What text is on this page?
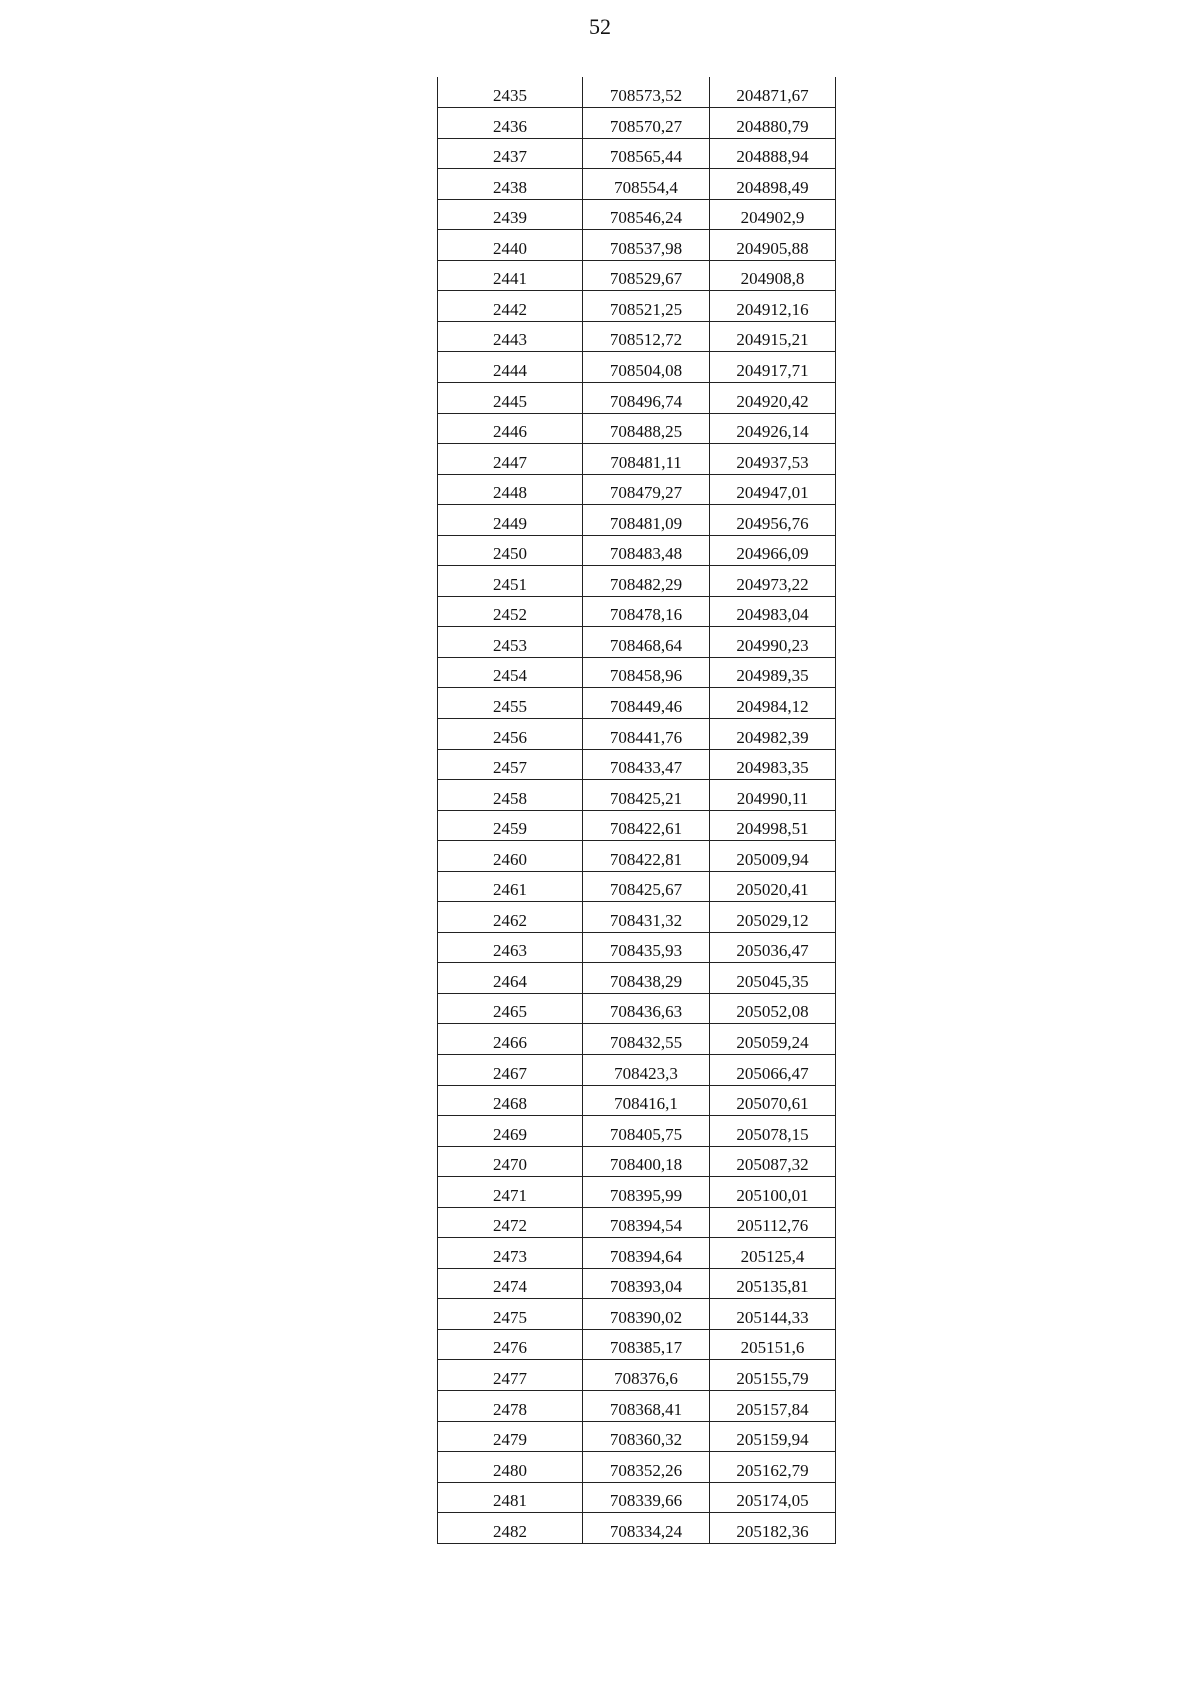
52
2435	708573,52	204871,67
2436	708570,27	204880,79
2437	708565,44	204888,94
2438	708554,4	204898,49
2439	708546,24	204902,9
2440	708537,98	204905,88
2441	708529,67	204908,8
2442	708521,25	204912,16
2443	708512,72	204915,21
2444	708504,08	204917,71
2445	708496,74	204920,42
2446	708488,25	204926,14
2447	708481,11	204937,53
2448	708479,27	204947,01
2449	708481,09	204956,76
2450	708483,48	204966,09
2451	708482,29	204973,22
2452	708478,16	204983,04
2453	708468,64	204990,23
2454	708458,96	204989,35
2455	708449,46	204984,12
2456	708441,76	204982,39
2457	708433,47	204983,35
2458	708425,21	204990,11
2459	708422,61	204998,51
2460	708422,81	205009,94
2461	708425,67	205020,41
2462	708431,32	205029,12
2463	708435,93	205036,47
2464	708438,29	205045,35
2465	708436,63	205052,08
2466	708432,55	205059,24
2467	708423,3	205066,47
2468	708416,1	205070,61
2469	708405,75	205078,15
2470	708400,18	205087,32
2471	708395,99	205100,01
2472	708394,54	205112,76
2473	708394,64	205125,4
2474	708393,04	205135,81
2475	708390,02	205144,33
2476	708385,17	205151,6
2477	708376,6	205155,79
2478	708368,41	205157,84
2479	708360,32	205159,94
2480	708352,26	205162,79
2481	708339,66	205174,05
2482	708334,24	205182,36
